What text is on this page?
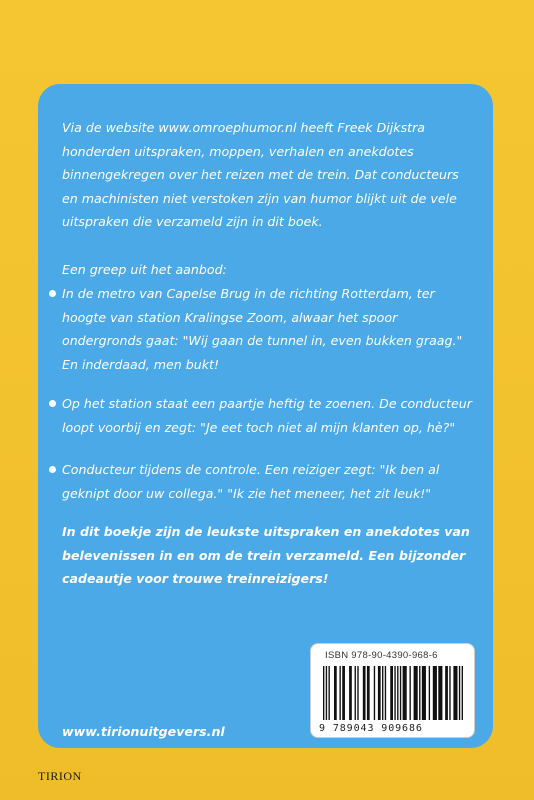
Via de website www.omroephumor.nl heeft Freek Dijkstra honderden uitspraken, moppen, verhalen en anekdotes binnengekregen over het reizen met de trein. Dat conducteurs en machinisten niet verstoken zijn van humor blijkt uit de vele uitspraken die verzameld zijn in dit boek.
Een greep uit het aanbod:
In de metro van Capelse Brug in de richting Rotterdam, ter hoogte van station Kralingse Zoom, alwaar het spoor ondergronds gaat: "Wij gaan de tunnel in, even bukken graag." En inderdaad, men bukt!
Op het station staat een paartje heftig te zoenen. De conducteur loopt voorbij en zegt: "Je eet toch niet al mijn klanten op, hè?"
Conducteur tijdens de controle. Een reiziger zegt: "Ik ben al geknipt door uw collega." "Ik zie het meneer, het zit leuk!"
In dit boekje zijn de leukste uitspraken en anekdotes van belevenissen in en om de trein verzameld. Een bijzonder cadeautje voor trouwe treinreizigers!
www.tirionuitgevers.nl
ISBN 978-90-4390-968-6
9 789043 909686
TIRION
